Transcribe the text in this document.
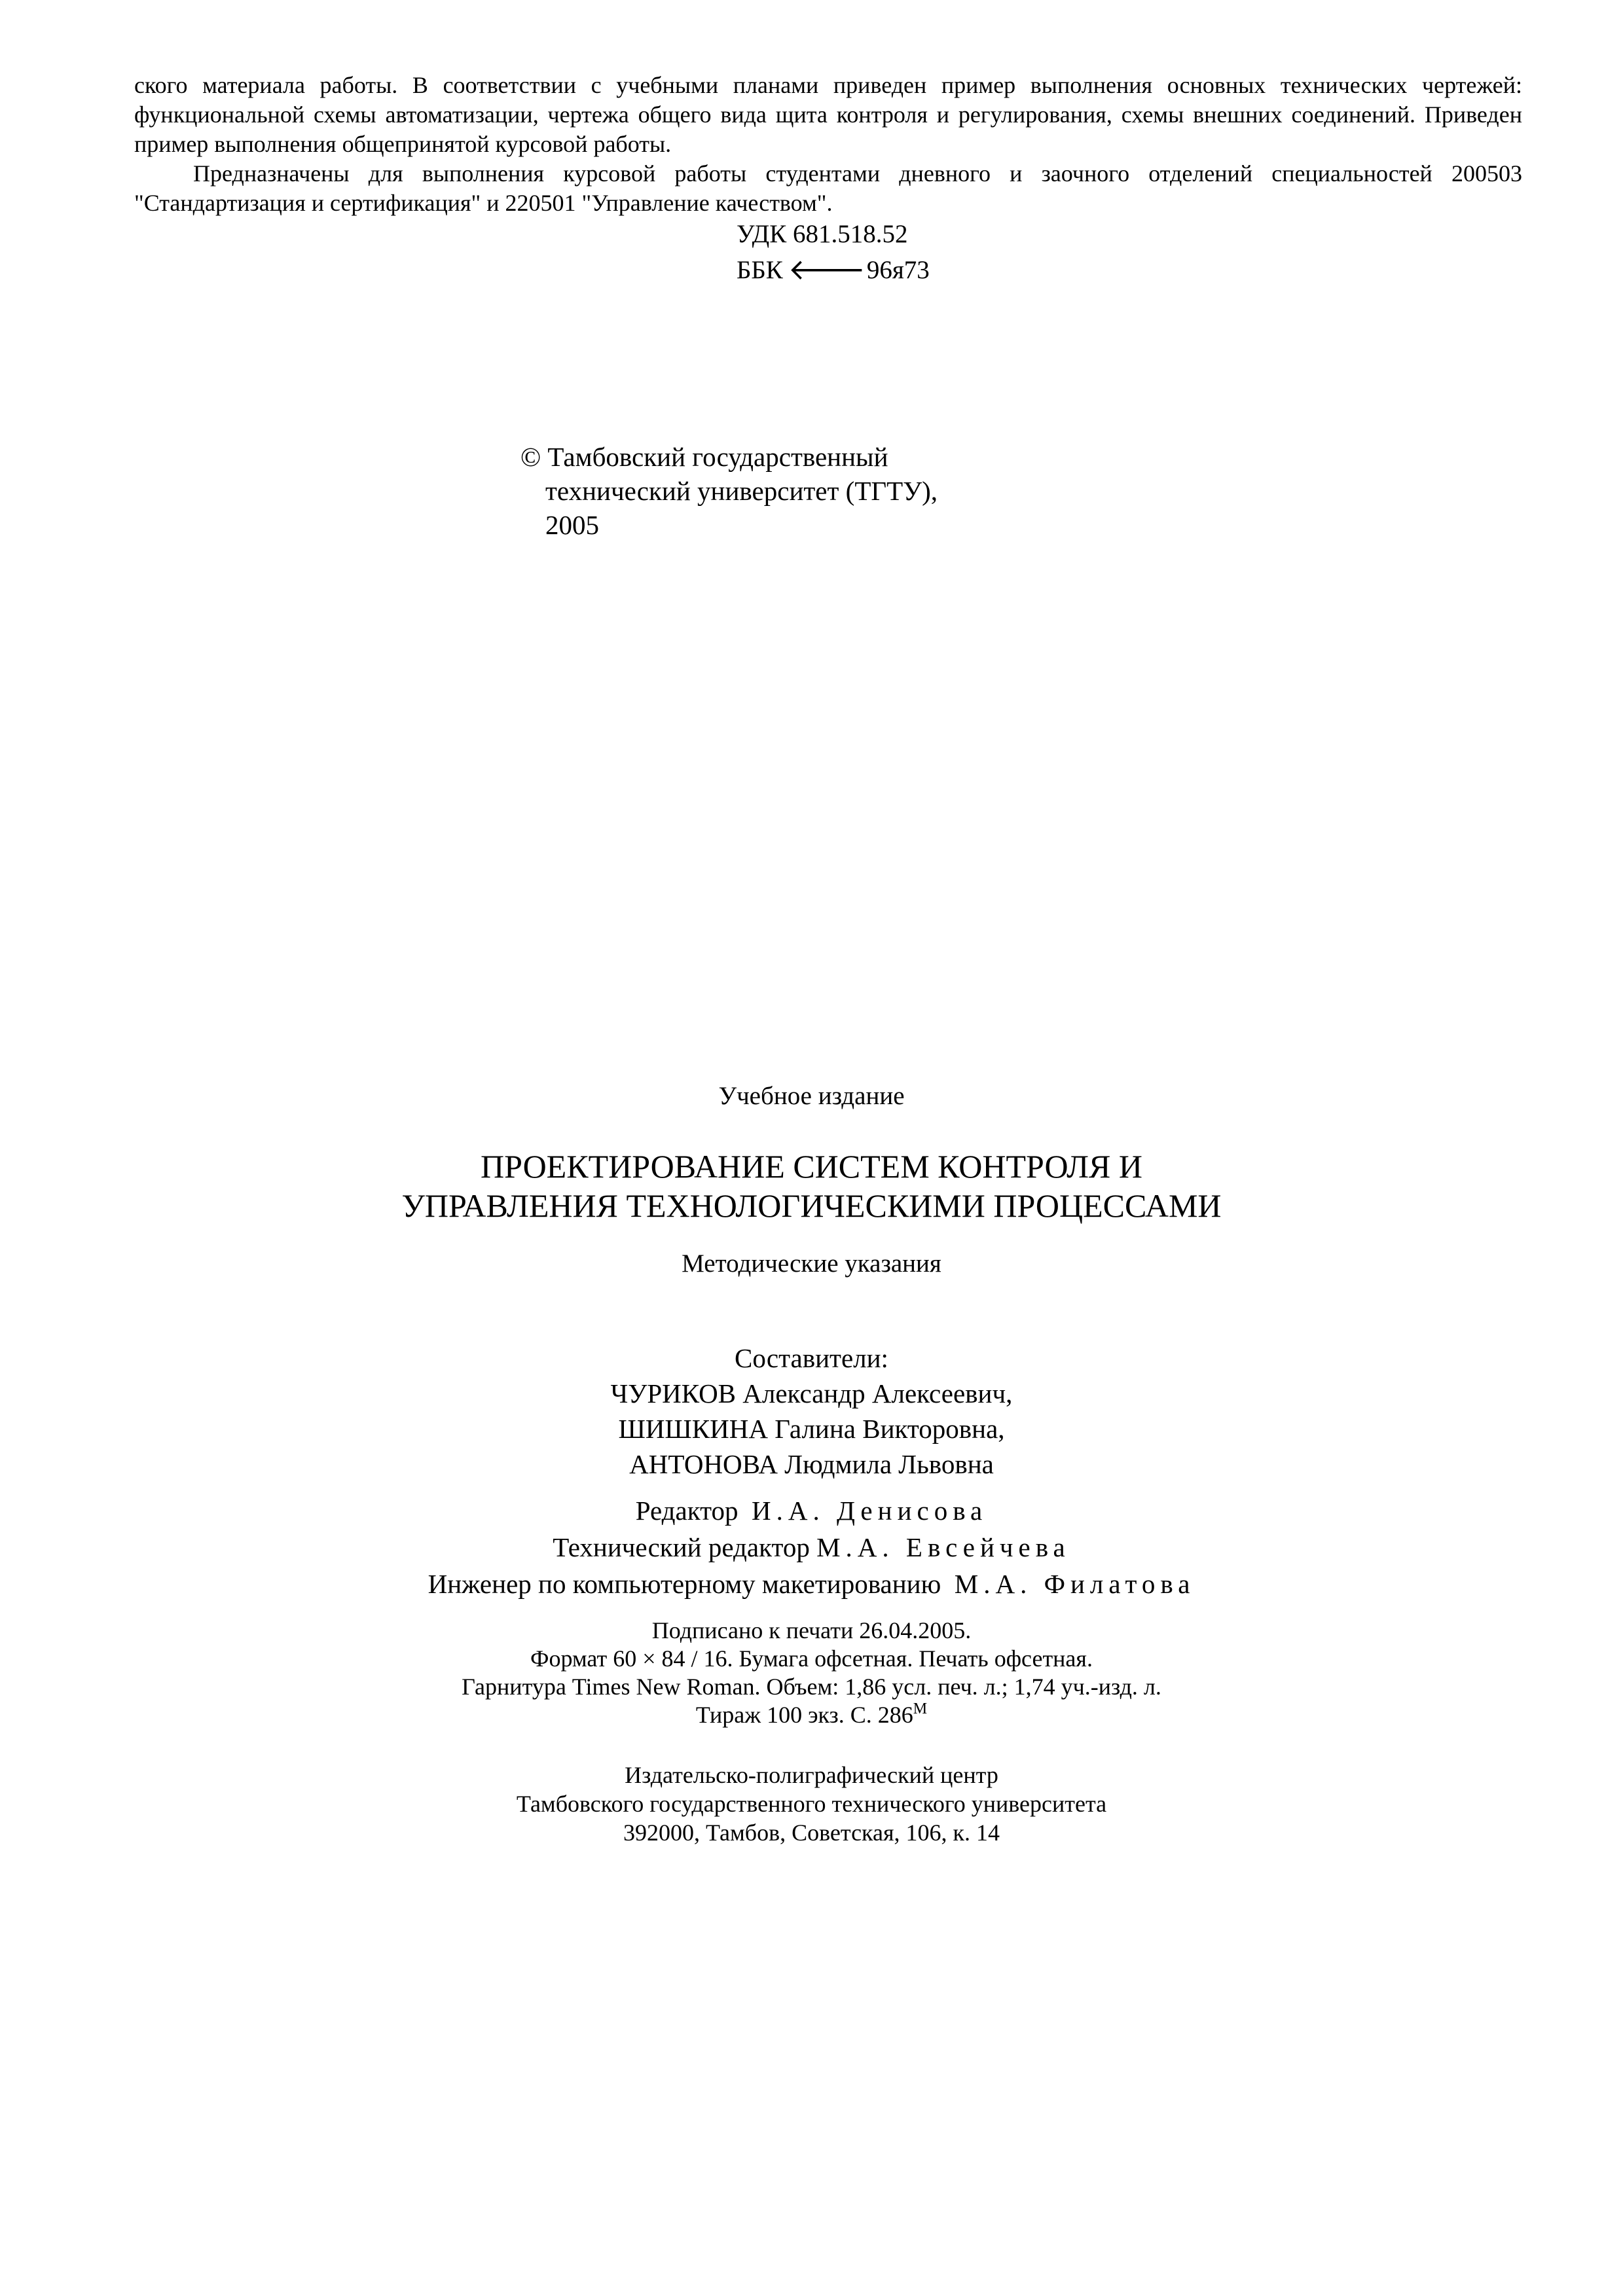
ского материала работы. В соответствии с учебными планами приведен пример выполнения основных технических чертежей: функциональной схемы автоматизации, чертежа общего вида щита контроля и регулирования, схемы внешних соединений. Приведен пример выполнения общепринятой курсовой работы.

Предназначены для выполнения курсовой работы студентами дневного и заочного отделений специальностей 200503 "Стандартизация и сертификация" и 220501 "Управление качеством".

УДК 681.518.52
ББК 🡐96я73
© Тамбовский государственный
технический университет (ТГТУ),
2005
Учебное издание
ПРОЕКТИРОВАНИЕ СИСТЕМ КОНТРОЛЯ И
УПРАВЛЕНИЯ ТЕХНОЛОГИЧЕСКИМИ ПРОЦЕССАМИ
Методические указания
Составители:
ЧУРИКОВ Александр Алексеевич,
ШИШКИНА Галина Викторовна,
АНТОНОВА Людмила Львовна
Редактор И.А. Денисова
Технический редактор М.А. Евсейчева
Инженер по компьютерному макетированию М.А. Филатова
Подписано к печати 26.04.2005.
Формат 60 × 84 / 16. Бумага офсетная. Печать офсетная.
Гарнитура Times New Roman. Объем: 1,86 усл. печ. л.; 1,74 уч.-изд. л.
Тираж 100 экз. С. $286^М$
Издательско-полиграфический центр
Тамбовского государственного технического университета
392000, Тамбов, Советская, 106, к. 14
